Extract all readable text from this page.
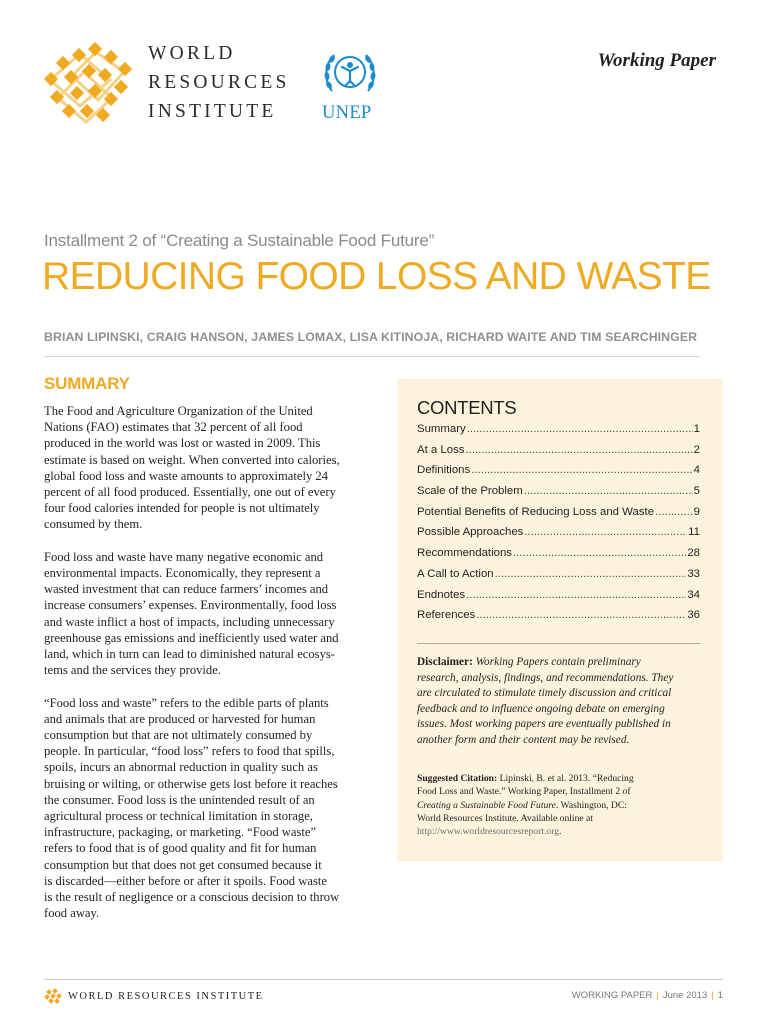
WORLD
RESOURCES
INSTITUTE UNEP
Working Paper
Installment 2 of “Creating a Sustainable Food Future”
REDUCING FOOD LOSS AND WASTE
BRIAN LIPINSKI, CRAIG HANSON, JAMES LOMAX, LISA KITINOJA, RICHARD WAITE AND TIM SEARCHINGER
SUMMARY

The Food and Agriculture Organization of the United
Nations (FAO) estimates that 32 percent of all food
produced in the world was lost or wasted in 2009. This
estimate is based on weight. When converted into calories,
global food loss and waste amounts to approximately 24
percent of all food produced. Essentially, one out of every
four food calories intended for people is not ultimately
consumed by them.

Food loss and waste have many negative economic and
environmental impacts. Economically, they represent a
wasted investment that can reduce farmers’ incomes and
increase consumers’ expenses. Environmentally, food loss
and waste inflict a host of impacts, including unnecessary
greenhouse gas emissions and inefficiently used water and
land, which in turn can lead to diminished natural ecosys-
tems and the services they provide.

“Food loss and waste” refers to the edible parts of plants
and animals that are produced or harvested for human
consumption but that are not ultimately consumed by
people. In particular, “food loss” refers to food that spills,
spoils, incurs an abnormal reduction in quality such as
bruising or wilting, or otherwise gets lost before it reaches
the consumer. Food loss is the unintended result of an
agricultural process or technical limitation in storage,
infrastructure, packaging, or marketing. “Food waste”
refers to food that is of good quality and fit for human
consumption but that does not get consumed because it
is discarded—either before or after it spoils. Food waste
is the result of negligence or a conscious decision to throw
food away.

CONTENTS
Summary .....	1
At a Loss .....	2
Definitions .....	4
Scale of the Problem .....	5
Potential Benefits of Reducing Loss and Waste .....	9
Possible Approaches .....	11
Recommendations .....	28
A Call to Action .....	33
Endnotes .....	34
References .....	36
Disclaimer: Working Papers contain preliminary
research, analysis, findings, and recommendations. They
are circulated to stimulate timely discussion and critical
feedback and to influence ongoing debate on emerging
issues. Most working papers are eventually published in
another form and their content may be revised.
Suggested Citation: Lipinski, B. et al. 2013. “Reducing
Food Loss and Waste.” Working Paper, Installment 2 of
Creating a Sustainable Food Future. Washington, DC:
World Resources Institute. Available online at
http://www.worldresourcesreport.org.
WORLD RESOURCES INSTITUTE	WORKING PAPER | June 2013 | 1
